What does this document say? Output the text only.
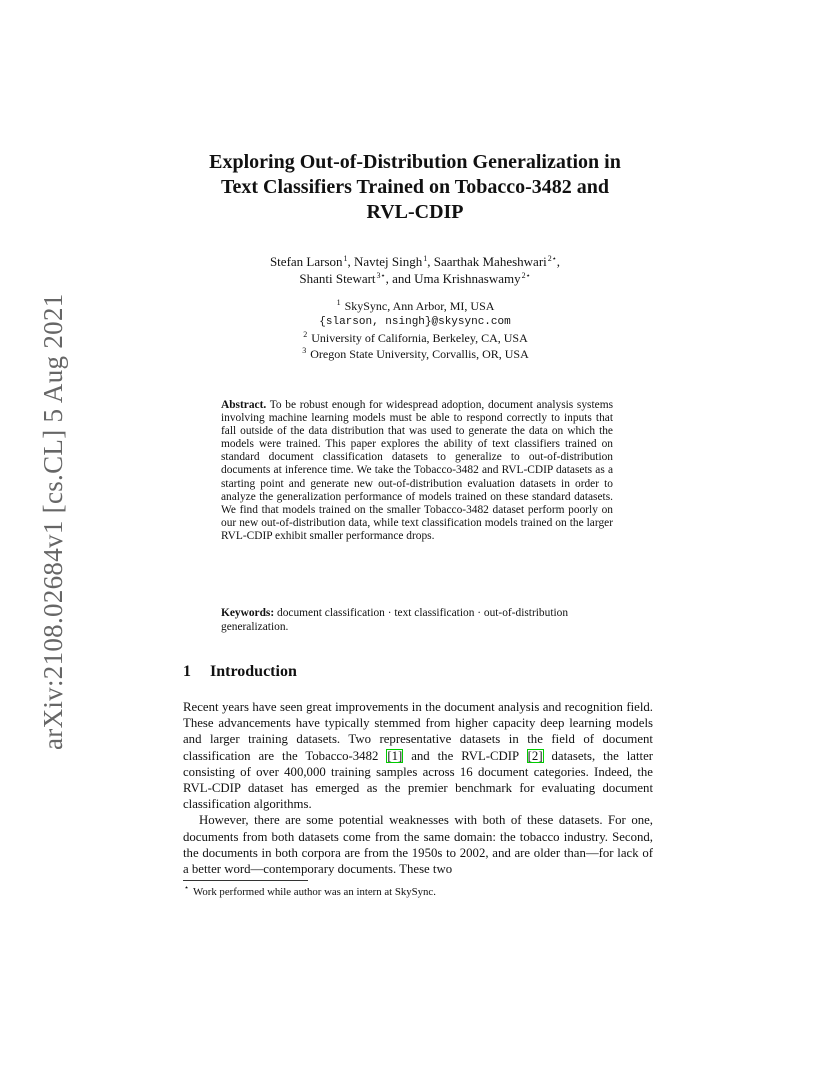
arXiv:2108.02684v1 [cs.CL] 5 Aug 2021
Exploring Out-of-Distribution Generalization in
Text Classifiers Trained on Tobacco-3482 and
RVL-CDIP
Stefan Larson$^1$, Navtej Singh$^1$, Saarthak Maheshwari$^{2⋆}$,
Shanti Stewart$^{3⋆}$, and Uma Krishnaswamy$^{2⋆}$
$^1$ SkySync, Ann Arbor, MI, USA
{slarson, nsingh}@skysync.com
$^2$ University of California, Berkeley, CA, USA
$^3$ Oregon State University, Corvallis, OR, USA
Abstract. To be robust enough for widespread adoption, document analysis systems involving machine learning models must be able to respond correctly to inputs that fall outside of the data distribution that was used to generate the data on which the models were trained. This paper explores the ability of text classifiers trained on standard document classification datasets to generalize to out-of-distribution documents at inference time. We take the Tobacco-3482 and RVL-CDIP datasets as a starting point and generate new out-of-distribution evaluation datasets in order to analyze the generalization performance of models trained on these standard datasets. We find that models trained on the smaller Tobacco-3482 dataset perform poorly on our new out-of-distribution data, while text classification models trained on the larger RVL-CDIP exhibit smaller performance drops.
Keywords: document classification · text classification · out-of-distribution generalization.
1 Introduction

Recent years have seen great improvements in the document analysis and recognition field. These advancements have typically stemmed from higher capacity deep learning models and larger training datasets. Two representative datasets in the field of document classification are the Tobacco-3482 [1] and the RVL-CDIP [2] datasets, the latter consisting of over 400,000 training samples across 16 document categories. Indeed, the RVL-CDIP dataset has emerged as the premier benchmark for evaluating document classification algorithms.

However, there are some potential weaknesses with both of these datasets. For one, documents from both datasets come from the same domain: the tobacco industry. Second, the documents in both corpora are from the 1950s to 2002, and are older than—for lack of a better word—contemporary documents. These two

⋆ Work performed while author was an intern at SkySync.
